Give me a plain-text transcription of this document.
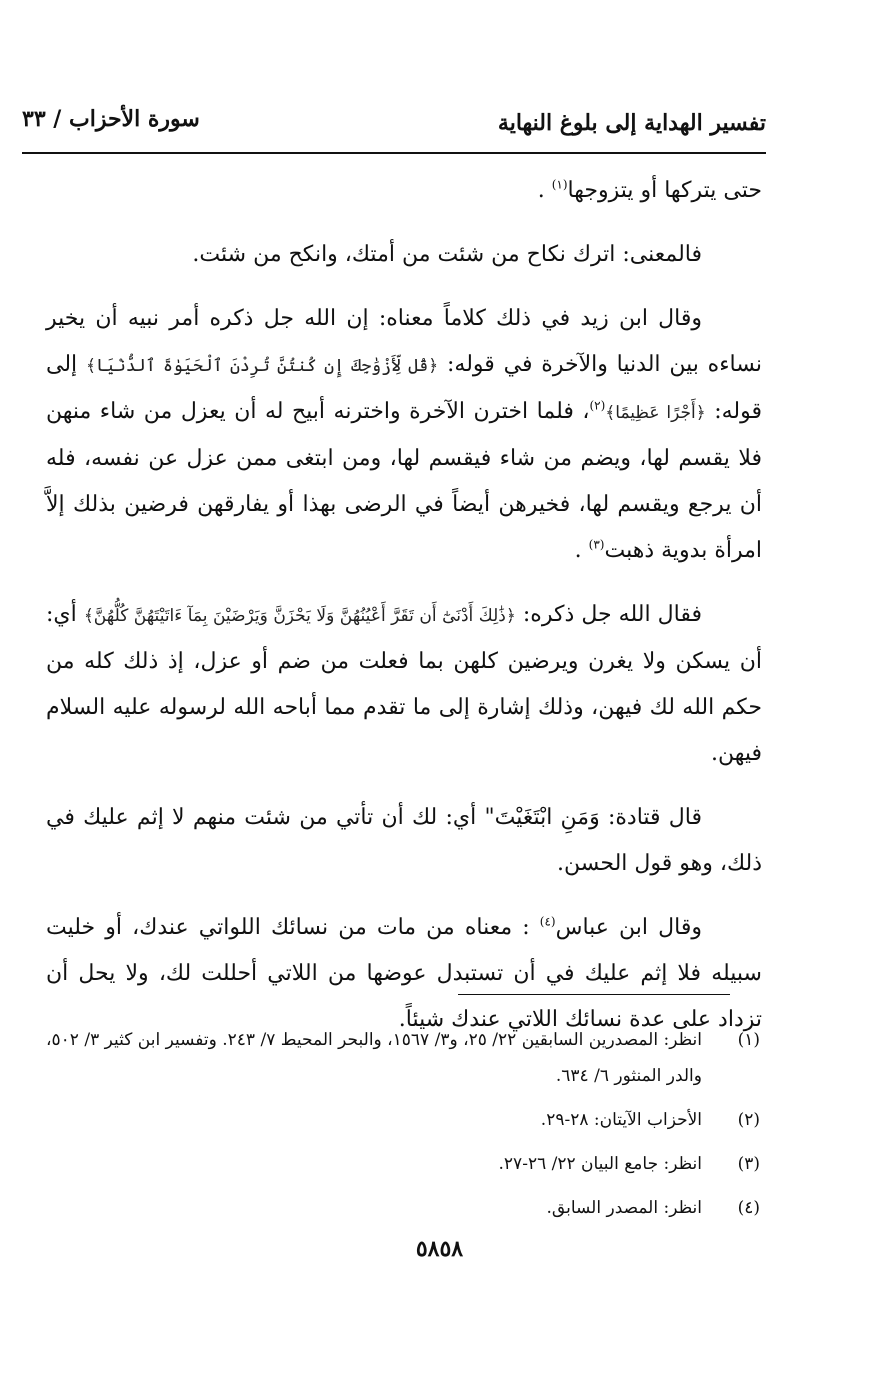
تفسير الهداية إلى بلوغ النهاية
سورة الأحزاب / ٣٣

حتى يتركها أو يتزوجها$^{(١)}$ .

فالمعنى: اترك نكاح من شئت من أمتك، وانكح من شئت.

وقال ابن زيد في ذلك كلاماً معناه: إن الله جل ذكره أمر نبيه أن يخير نساءه بين الدنيا والآخرة في قوله: ﴿قُل لِّأَزْوَٰجِكَ إِن كُنتُنَّ تُرِدْنَ ٱلْحَيَوٰةَ ٱلدُّنْيَا﴾ إلى قوله: ﴿أَجْرًا عَظِيمًا﴾$^{(٢)}$، فلما اخترن الآخرة واخترنه أبيح له أن يعزل من شاء منهن فلا يقسم لها، ويضم من شاء فيقسم لها، ومن ابتغى ممن عزل عن نفسه، فله أن يرجع ويقسم لها، فخيرهن أيضاً في الرضى بهذا أو يفارقهن فرضين بذلك إلاَّ امرأة بدوية ذهبت$^{(٣)}$ .

فقال الله جل ذكره: ﴿ذَٰلِكَ أَدْنَىٰٓ أَن تَقَرَّ أَعْيُنُهُنَّ وَلَا يَحْزَنَّ وَيَرْضَيْنَ بِمَآ ءَاتَيْتَهُنَّ كُلُّهُنَّ﴾ أي: أن يسكن ولا يغرن ويرضين كلهن بما فعلت من ضم أو عزل، إذ ذلك كله من حكم الله لك فيهن، وذلك إشارة إلى ما تقدم مما أباحه الله لرسوله عليه السلام فيهن.

قال قتادة: وَمَنِ ابْتَغَيْتَ" أي: لك أن تأتي من شئت منهم لا إثم عليك في ذلك، وهو قول الحسن.

وقال ابن عباس$^{(٤)}$ : معناه من مات من نسائك اللواتي عندك، أو خليت سبيله فلا إثم عليك في أن تستبدل عوضها من اللاتي أحللت لك، ولا يحل أن تزداد على عدة نسائك اللاتي عندك شيئاً.

(١)
انظر: المصدرين السابقين ٢٢/ ٢٥، و٣/ ١٥٦٧، والبحر المحيط ٧/ ٢٤٣. وتفسير ابن كثير ٣/ ٥٠٢، والدر المنثور ٦/ ٦٣٤.
(٢)
الأحزاب الآيتان: ٢٨-٢٩.
(٣)
انظر: جامع البيان ٢٢/ ٢٦-٢٧.
(٤)
انظر: المصدر السابق.
٥٨٥٨
